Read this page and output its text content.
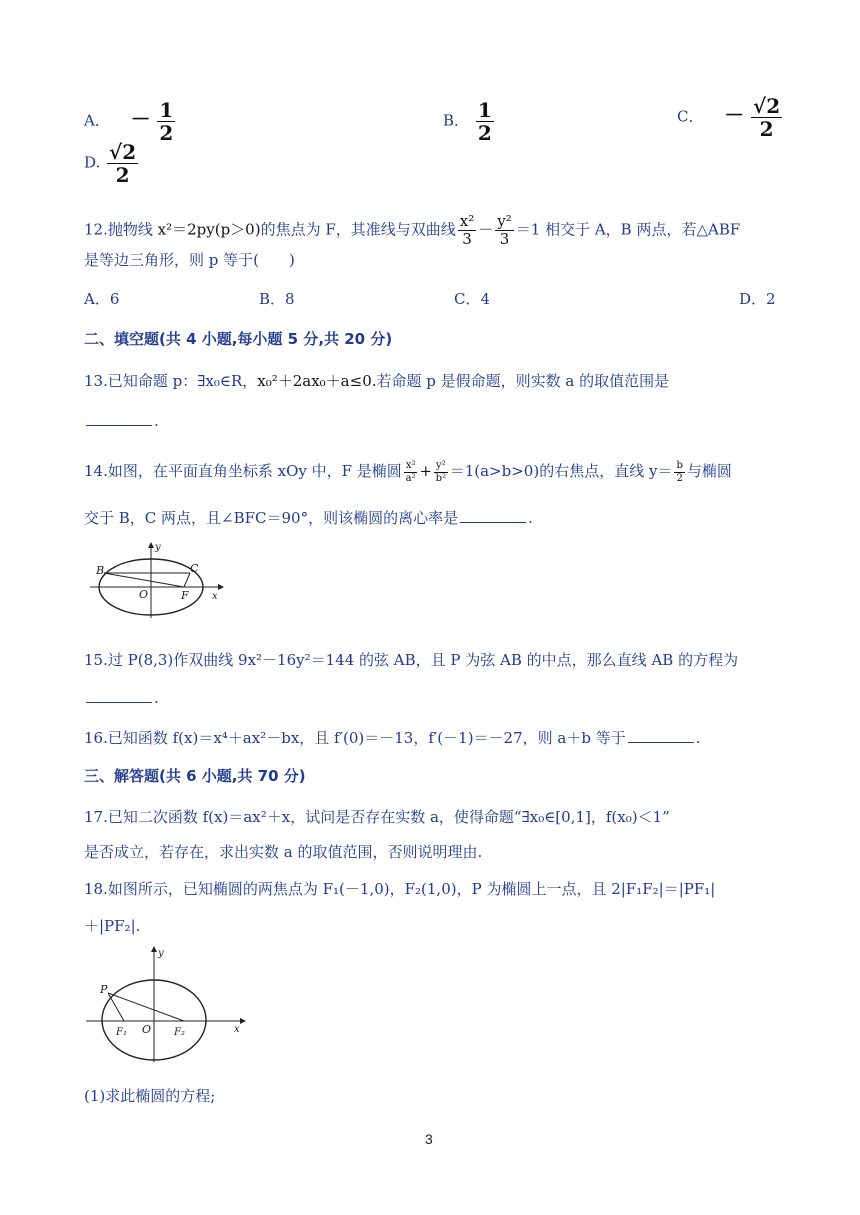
A． － $\frac{1}{2}$	B． $\frac{1}{2}$	C． － $\frac{√2}{2}$
D. $\frac{√2}{2}$
12.抛物线 x²＝2py(p＞0)的焦点为 F，其准线与双曲线 $\frac{\text{x²}}{3} - \frac{\text{y²}}{3} =1$ 相交于 A，B 两点，若△ABF
是等边三角形，则 p 等于(　　)
A．6	B．8	C．4	D．2
二、填空题(共 4 小题,每小题 5 分,共 20 分)
13.已知命题 p：∃x₀∈R，x₀²＋2ax₀＋a≤0.若命题 p 是假命题，则实数 a 的取值范围是
.
14.如图，在平面直角坐标系 xOy 中，F 是椭圆 $\frac{\text{x²}}{\text{a²}} + \frac{\text{y²}}{\text{b²}} =1(a>b>0)$的右焦点，直线 $y= \frac{b}{2}$ 与椭圆
交于 B，C 两点，且∠BFC＝90°，则该椭圆的离心率是	.
B	C
O	F x
y
15.过 P(8,3)作双曲线 9x²－16y²＝144 的弦 AB，且 P 为弦 AB 的中点，那么直线 AB 的方程为
.
16.已知函数 f(x)＝x⁴＋ax²－bx，且 f′(0)＝－13，f′(－1)＝－27，则 a＋b 等于	.
三、解答题(共 6 小题,共 70 分)
17.已知二次函数 f(x)＝ax²＋x，试问是否存在实数 a，使得命题“∃x₀∈[0,1]，f(x₀)＜1”
是否成立，若存在，求出实数 a 的取值范围，否则说明理由.
18.如图所示，已知椭圆的两焦点为 F₁(－1,0)，F₂(1,0)，P 为椭圆上一点，且 2|F₁F₂|＝|PF₁|
＋|PF₂|.
P
F₁ O F₂	x
y
(1)求此椭圆的方程;
3
